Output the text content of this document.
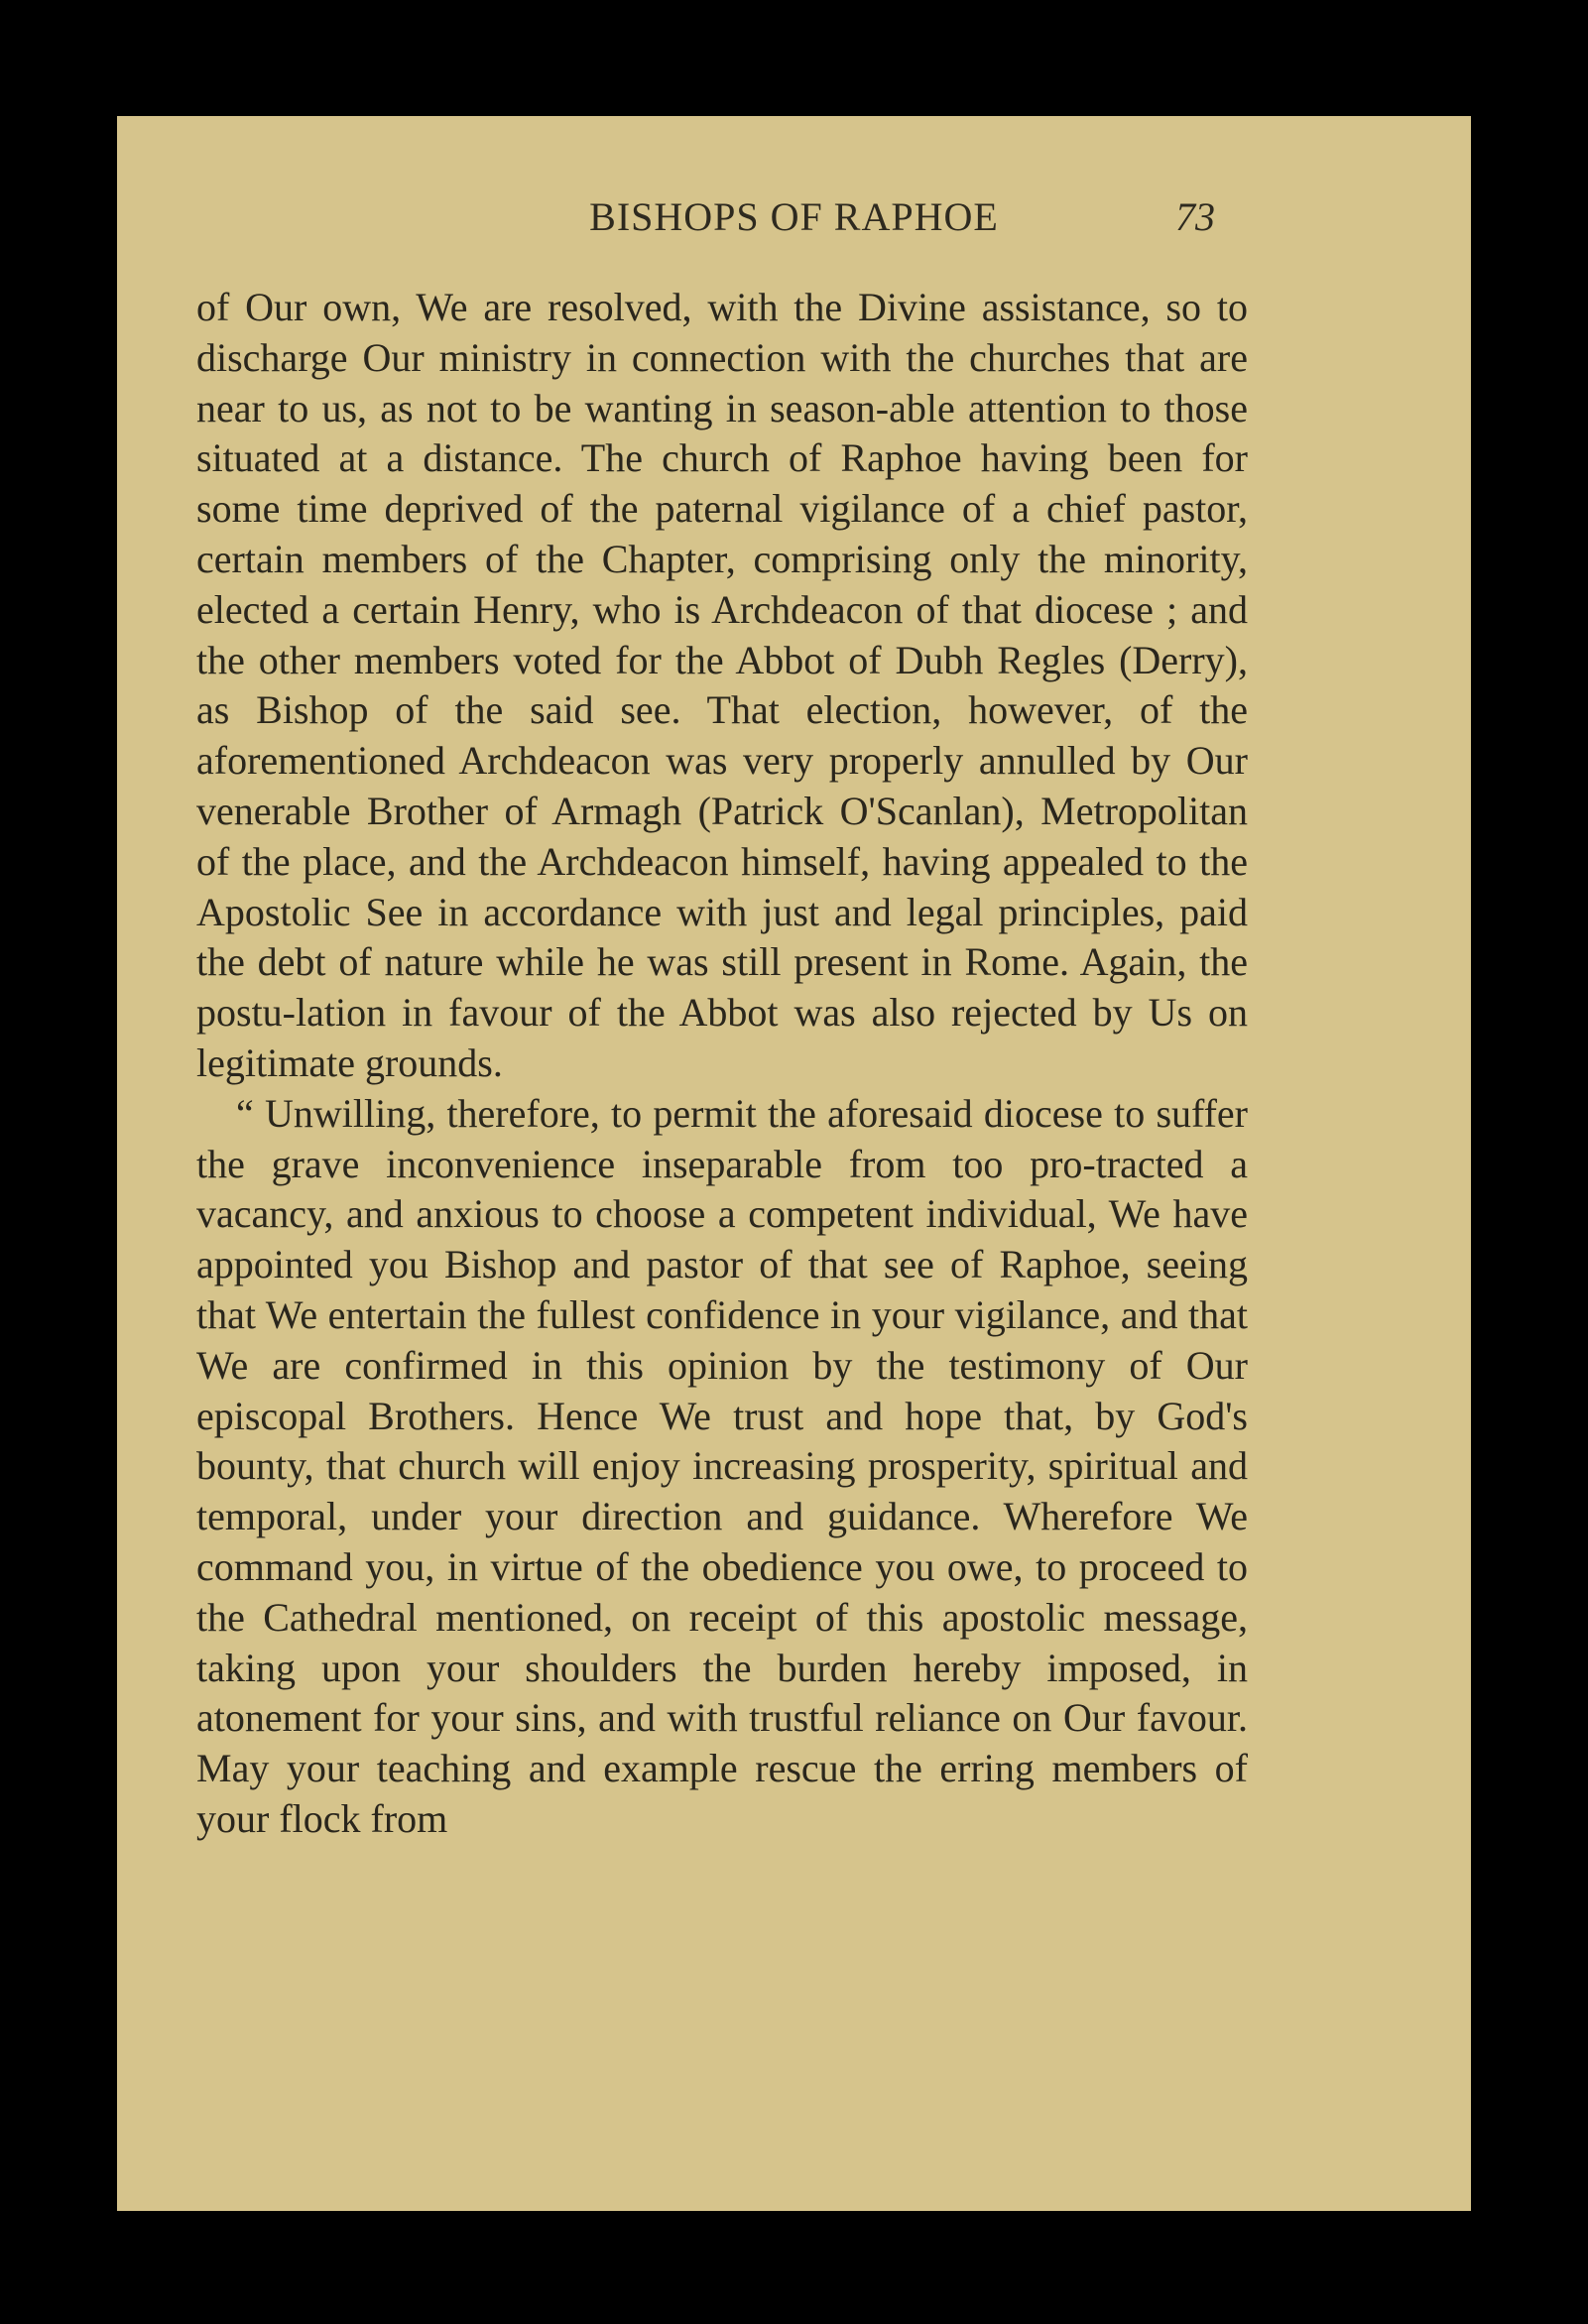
BISHOPS OF RAPHOE	73

of Our own, We are resolved, with the Divine assistance, so to discharge Our ministry in connection with the churches that are near to us, as not to be wanting in season-able attention to those situated at a distance. The church of Raphoe having been for some time deprived of the paternal vigilance of a chief pastor, certain members of the Chapter, comprising only the minority, elected a certain Henry, who is Archdeacon of that diocese ; and the other members voted for the Abbot of Dubh Regles (Derry), as Bishop of the said see. That election, however, of the aforementioned Archdeacon was very properly annulled by Our venerable Brother of Armagh (Patrick O'Scanlan), Metropolitan of the place, and the Archdeacon himself, having appealed to the Apostolic See in accordance with just and legal principles, paid the debt of nature while he was still present in Rome. Again, the postu-lation in favour of the Abbot was also rejected by Us on legitimate grounds.

“ Unwilling, therefore, to permit the aforesaid diocese to suffer the grave inconvenience inseparable from too pro-tracted a vacancy, and anxious to choose a competent individual, We have appointed you Bishop and pastor of that see of Raphoe, seeing that We entertain the fullest confidence in your vigilance, and that We are confirmed in this opinion by the testimony of Our episcopal Brothers. Hence We trust and hope that, by God's bounty, that church will enjoy increasing prosperity, spiritual and temporal, under your direction and guidance. Wherefore We command you, in virtue of the obedience you owe, to proceed to the Cathedral mentioned, on receipt of this apostolic message, taking upon your shoulders the burden hereby imposed, in atonement for your sins, and with trustful reliance on Our favour. May your teaching and example rescue the erring members of your flock from
